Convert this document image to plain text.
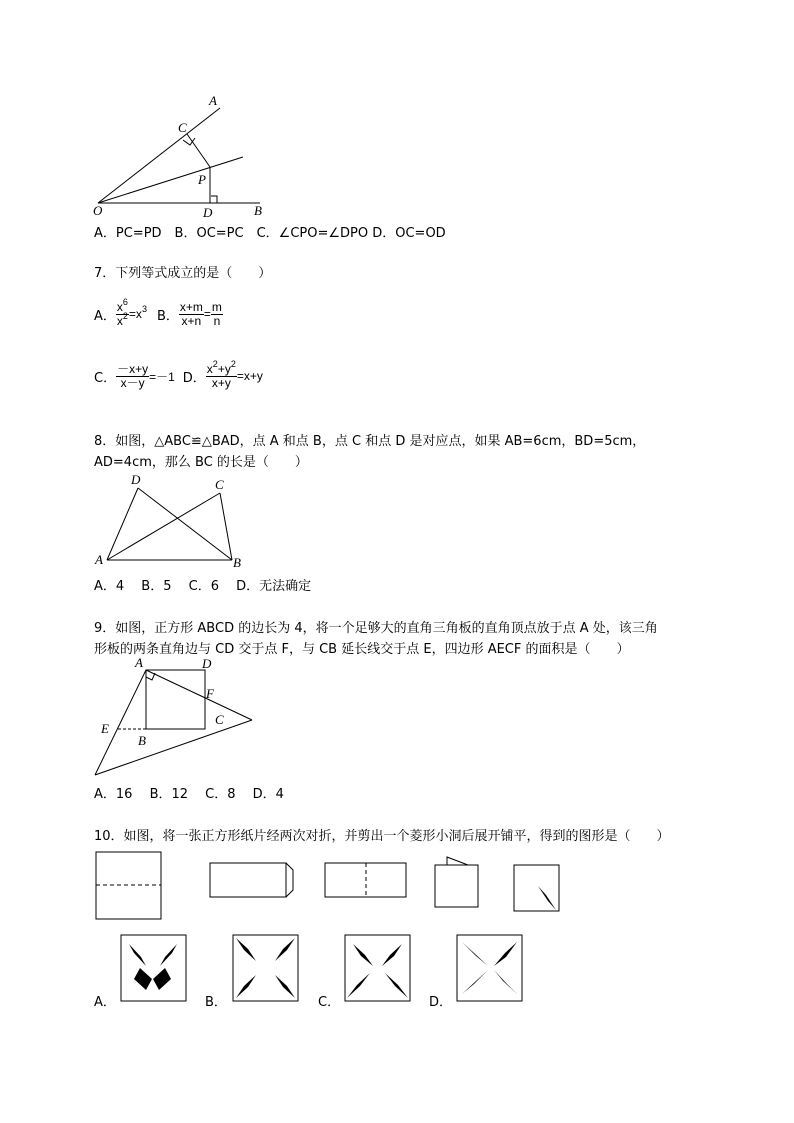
A
C
P
O	D	B
A．PC=PD　B．OC=PC　C．∠CPO=∠DPO D．OC=OD
7．下列等式成立的是（　　）
A． $\frac{x^6}{x^2} =x^3$ B． $\frac{x+m}{x+n} = \frac{m}{n}$
C． $\frac{-x+y}{x-y} =-1$ D． $\frac{x^2+y^2}{x+y} =x+y$
8．如图，△ABC≌△BAD，点 A 和点 B，点 C 和点 D 是对应点，如果 AB=6cm，BD=5cm，
AD=4cm，那么 BC 的长是（　　）
D	C
A	B
A．4　 B．5　 C．6　 D．无法确定
9．如图，正方形 ABCD 的边长为 4，将一个足够大的直角三角板的直角顶点放于点 A 处，该三角
形板的两条直角边与 CD 交于点 F，与 CB 延长线交于点 E，四边形 AECF 的面积是（　　）
A	D
F
C
E
B
A．16　 B．12　 C．8　 D．4
10．如图，将一张正方形纸片经两次对折，并剪出一个菱形小洞后展开铺平，得到的图形是（　　）
A．	B．	C．	D．
